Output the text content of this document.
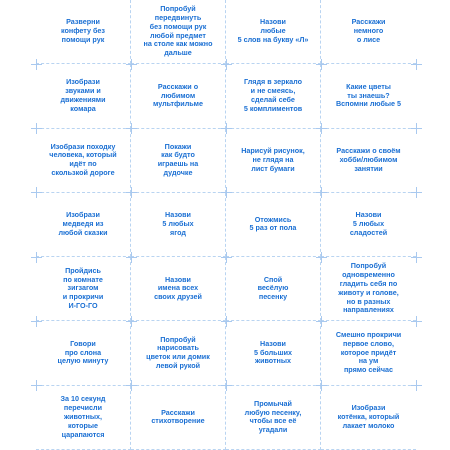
Разверни
конфету без
помощи рук
Попробуй
передвинуть
без помощи рук
любой предмет
на столе как можно
дальше
Назови
любые
5 слов на букву «Л»
Расскажи
немного
о лисе
Изобрази
звуками и
движениями
комара
Расскажи о
любимом
мультфильме
Глядя в зеркало
и не смеясь,
сделай себе
5 комплиментов
Какие цветы
ты знаешь?
Вспомни любые 5
Изобрази походку
человека, который
идёт по
скользкой дороге
Покажи
как будто
играешь на
дудочке
Нарисуй рисунок,
не глядя на
лист бумаги
Расскажи о своём
хобби/любимом
занятии
Изобрази
медведя из
любой сказки
Назови
5 любых
ягод
Отожмись
5 раз от пола
Назови
5 любых
сладостей
Пройдись
по комнате
зигзагом
и прокричи
И-ГО-ГО
Назови
имена всех
своих друзей
Спой
весёлую
песенку
Попробуй
одновременно
гладить себя по
животу и голове,
но в разных
направлениях
Говори
про слона
целую минуту
Попробуй
нарисовать
цветок или домик
левой рукой
Назови
5 больших
животных
Смешно прокричи
первое слово,
которое придёт
на ум
прямо сейчас
За 10 секунд
перечисли
животных,
которые
царапаются
Расскажи
стихотворение
Промычай
любую песенку,
чтобы все её
угадали
Изобрази
котёнка, который
лакает молоко
